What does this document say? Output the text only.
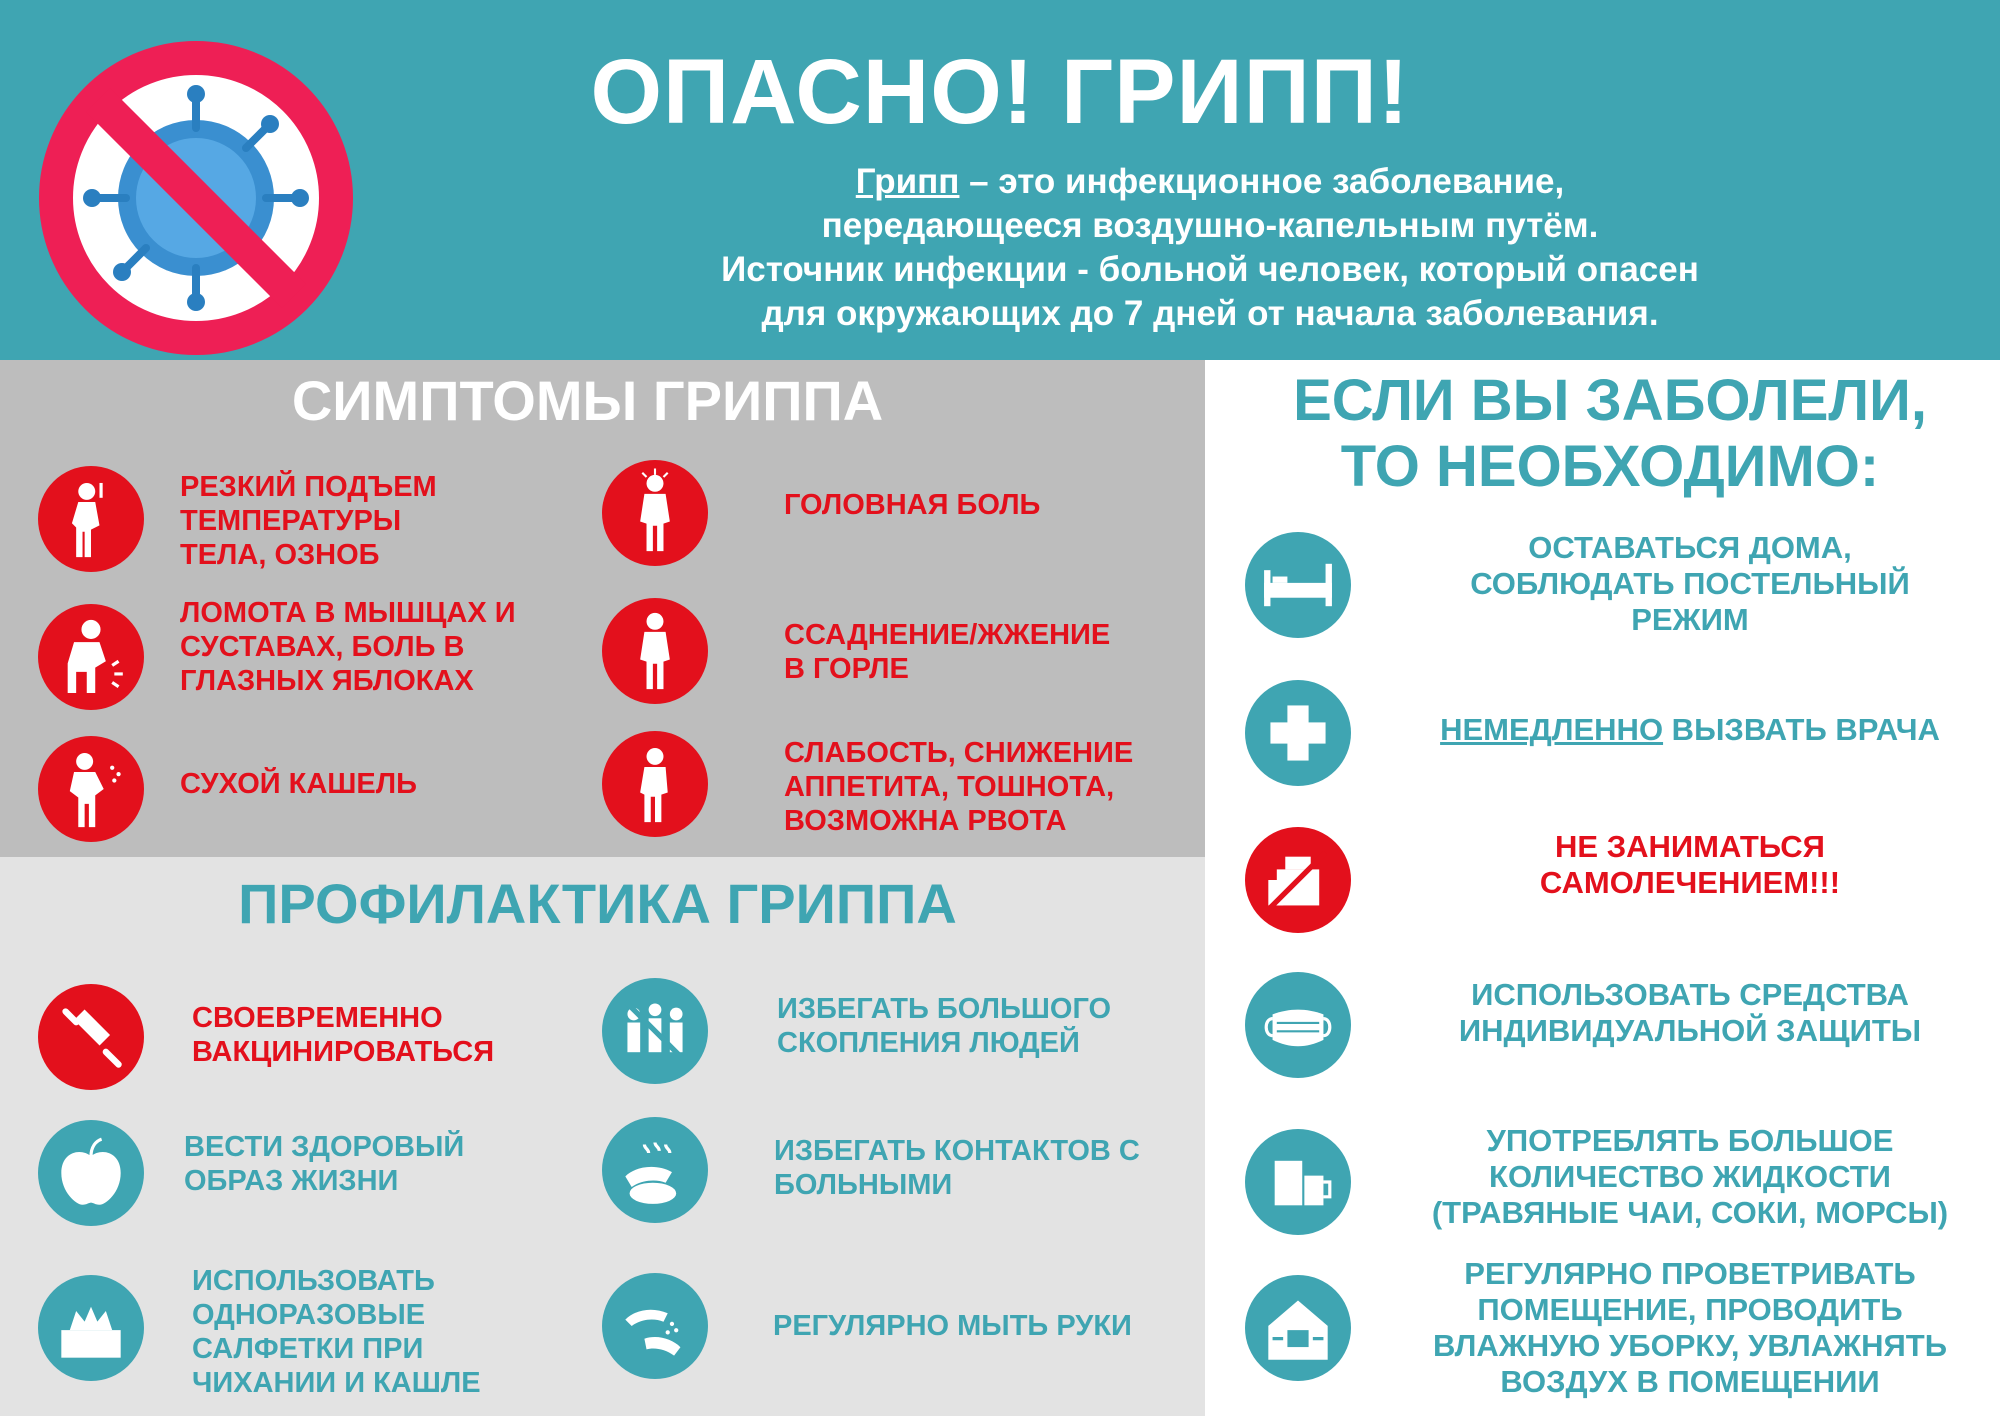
ОПАСНО! ГРИПП!
Грипп – это инфекционное заболевание,
передающееся воздушно-капельным путём.
Источник инфекции - больной человек, который опасен
для окружающих до 7 дней от начала заболевания.
СИМПТОМЫ ГРИППА
РЕЗКИЙ ПОДЪЕМ
ТЕМПЕРАТУРЫ
ТЕЛА, ОЗНОБ
ГОЛОВНАЯ БОЛЬ
ЛОМОТА В МЫШЦАХ И
СУСТАВАХ, БОЛЬ В
ГЛАЗНЫХ ЯБЛОКАХ
ССАДНЕНИЕ/ЖЖЕНИЕ
В ГОРЛЕ
СУХОЙ КАШЕЛЬ
СЛАБОСТЬ, СНИЖЕНИЕ
АППЕТИТА, ТОШНОТА,
ВОЗМОЖНА РВОТА
ПРОФИЛАКТИКА ГРИППА
СВОЕВРЕМЕННО
ВАКЦИНИРОВАТЬСЯ
ИЗБЕГАТЬ БОЛЬШОГО
СКОПЛЕНИЯ ЛЮДЕЙ
ВЕСТИ ЗДОРОВЫЙ
ОБРАЗ ЖИЗНИ
ИЗБЕГАТЬ КОНТАКТОВ С
БОЛЬНЫМИ
ИСПОЛЬЗОВАТЬ
ОДНОРАЗОВЫЕ
САЛФЕТКИ ПРИ
ЧИХАНИИ И КАШЛЕ
РЕГУЛЯРНО МЫТЬ РУКИ
ЕСЛИ ВЫ ЗАБОЛЕЛИ,
ТО НЕОБХОДИМО:
ОСТАВАТЬСЯ ДОМА,
СОБЛЮДАТЬ ПОСТЕЛЬНЫЙ
РЕЖИМ
НЕМЕДЛЕННО ВЫЗВАТЬ ВРАЧА
НЕ ЗАНИМАТЬСЯ
САМОЛЕЧЕНИЕМ!!!
ИСПОЛЬЗОВАТЬ СРЕДСТВА
ИНДИВИДУАЛЬНОЙ ЗАЩИТЫ
УПОТРЕБЛЯТЬ БОЛЬШОЕ
КОЛИЧЕСТВО ЖИДКОСТИ
(ТРАВЯНЫЕ ЧАИ, СОКИ, МОРСЫ)
РЕГУЛЯРНО ПРОВЕТРИВАТЬ
ПОМЕЩЕНИЕ, ПРОВОДИТЬ
ВЛАЖНУЮ УБОРКУ, УВЛАЖНЯТЬ
ВОЗДУХ В ПОМЕЩЕНИИ
